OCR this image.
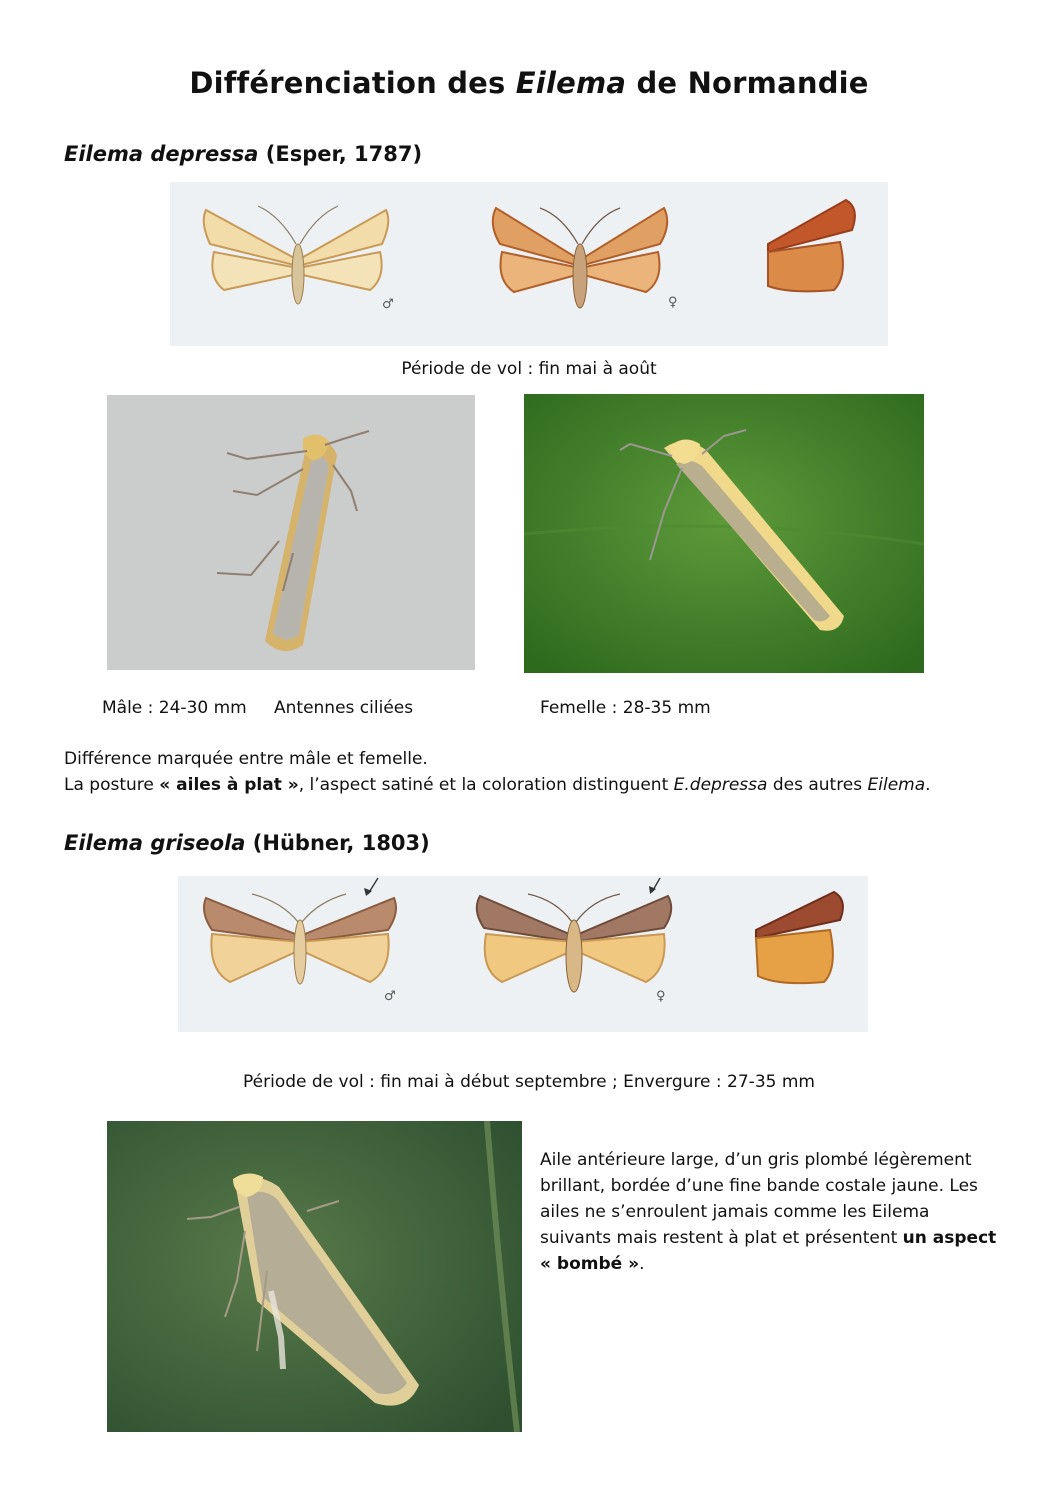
Différenciation des Eilema de Normandie
Eilema depressa (Esper, 1787)
♂	♀
Période de vol : fin mai à août
Mâle : 24-30 mm Antennes ciliées	Femelle : 28-35 mm
Différence marquée entre mâle et femelle.
La posture « ailes à plat », l’aspect satiné et la coloration distinguent E.depressa des autres Eilema.
Eilema griseola (Hübner, 1803)
♂	♀
Période de vol : fin mai à début septembre ; Envergure : 27-35 mm
Aile antérieure large, d’un gris plombé légèrement brillant, bordée d’une fine bande costale jaune. Les ailes ne s’enroulent jamais comme les Eilema suivants mais restent à plat et présentent un aspect « bombé ».
